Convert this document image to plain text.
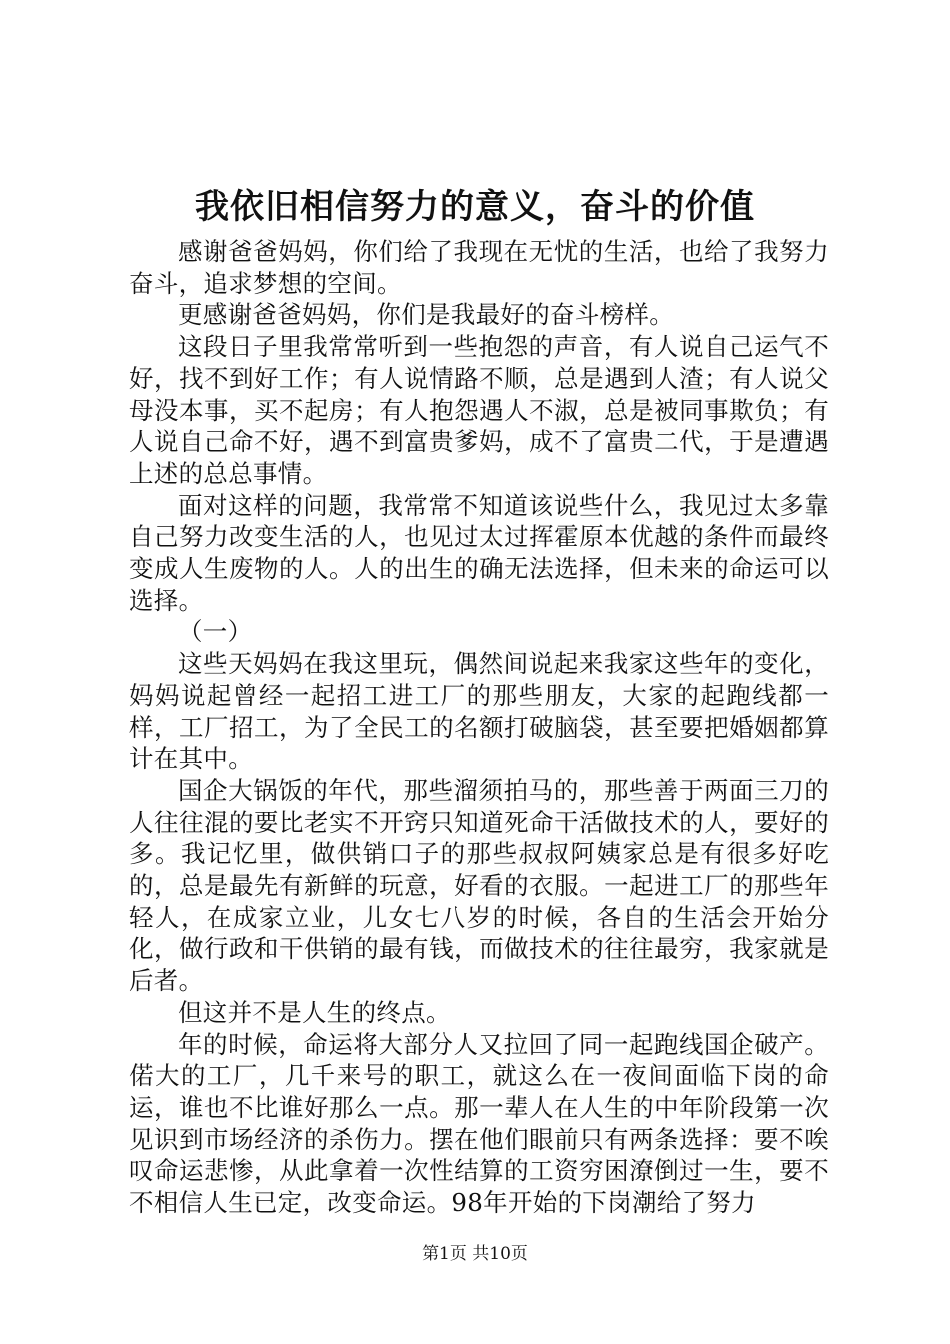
我依旧相信努力的意义，奋斗的价值

感谢爸爸妈妈，你们给了我现在无忧的生活，也给了我努力奋斗，追求梦想的空间。

更感谢爸爸妈妈，你们是我最好的奋斗榜样。

这段日子里我常常听到一些抱怨的声音，有人说自己运气不好，找不到好工作；有人说情路不顺，总是遇到人渣；有人说父母没本事，买不起房；有人抱怨遇人不淑，总是被同事欺负；有人说自己命不好，遇不到富贵爹妈，成不了富贵二代，于是遭遇上述的总总事情。

面对这样的问题，我常常不知道该说些什么，我见过太多靠自己努力改变生活的人，也见过太过挥霍原本优越的条件而最终变成人生废物的人。人的出生的确无法选择，但未来的命运可以选择。

（一）

这些天妈妈在我这里玩，偶然间说起来我家这些年的变化，妈妈说起曾经一起招工进工厂的那些朋友，大家的起跑线都一样，工厂招工，为了全民工的名额打破脑袋，甚至要把婚姻都算计在其中。

国企大锅饭的年代，那些溜须拍马的，那些善于两面三刀的人往往混的要比老实不开窍只知道死命干活做技术的人，要好的多。我记忆里，做供销口子的那些叔叔阿姨家总是有很多好吃的，总是最先有新鲜的玩意，好看的衣服。一起进工厂的那些年轻人，在成家立业，儿女七八岁的时候，各自的生活会开始分化，做行政和干供销的最有钱，而做技术的往往最穷，我家就是后者。

但这并不是人生的终点。

年的时候，命运将大部分人又拉回了同一起跑线国企破产。偌大的工厂，几千来号的职工，就这么在一夜间面临下岗的命运，谁也不比谁好那么一点。那一辈人在人生的中年阶段第一次见识到市场经济的杀伤力。摆在他们眼前只有两条选择：要不唉叹命运悲惨，从此拿着一次性结算的工资穷困潦倒过一生，要不不相信人生已定，改变命运。98年开始的下岗潮给了努力

第1页 共10页
